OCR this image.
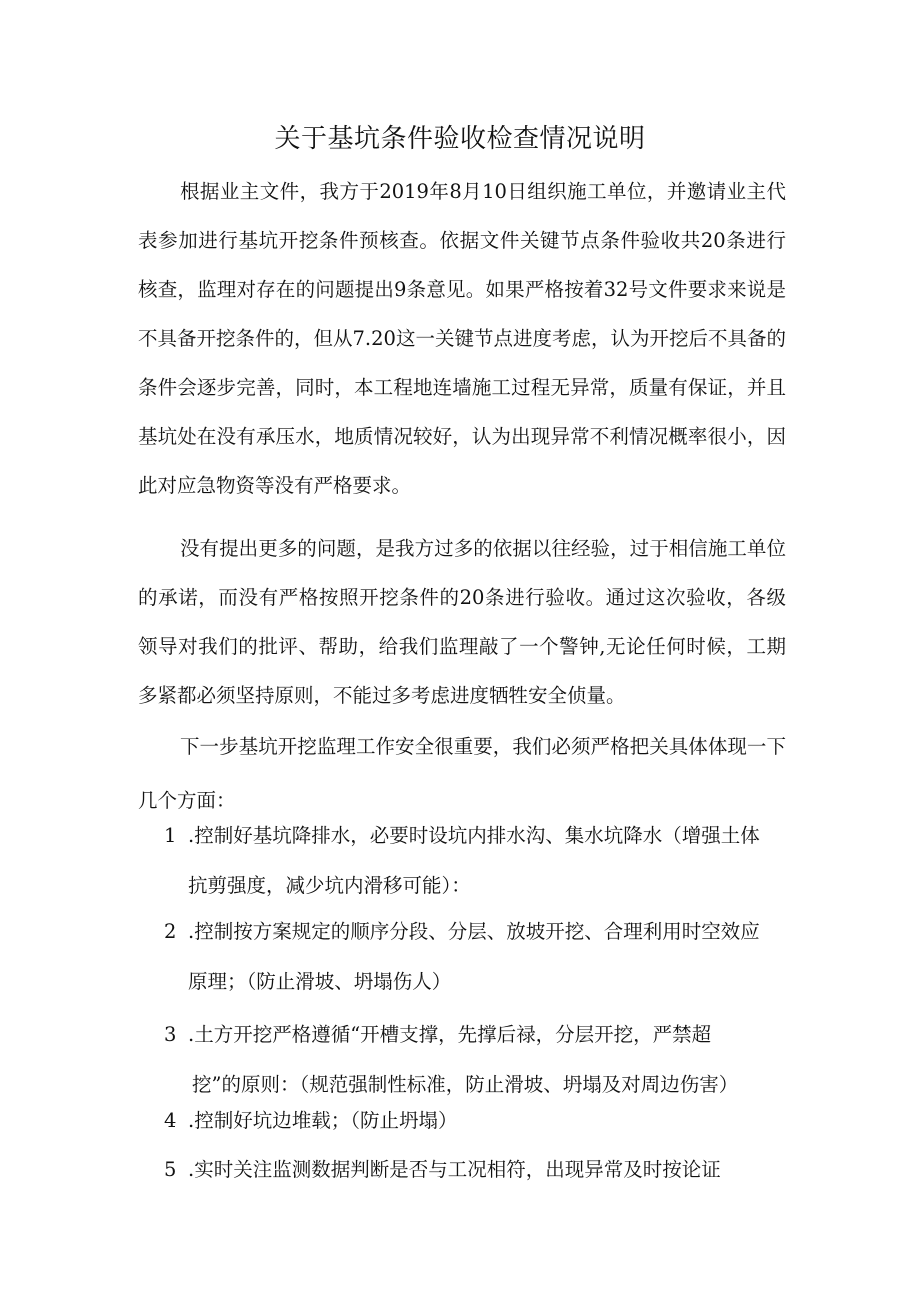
关于基坑条件验收检查情况说明

根据业主文件，我方于2019年8月10日组织施工单位，并邀请业主代表参加进行基坑开挖条件预核查。依据文件关键节点条件验收共20条进行核查，监理对存在的问题提出9条意见。如果严格按着32号文件要求来说是不具备开挖条件的，但从7.20这一关键节点进度考虑，认为开挖后不具备的条件会逐步完善，同时，本工程地连墙施工过程无异常，质量有保证，并且基坑处在没有承压水，地质情况较好，认为出现异常不利情况概率很小，因此对应急物资等没有严格要求。

没有提出更多的问题，是我方过多的依据以往经验，过于相信施工单位的承诺，而没有严格按照开挖条件的20条进行验收。通过这次验收，各级领导对我们的批评、帮助，给我们监理敲了一个警钟,无论任何时候，工期多紧都必须坚持原则，不能过多考虑进度牺牲安全侦量。

下一步基坑开挖监理工作安全很重要，我们必须严格把关具体体现一下几个方面：

1 .控制好基坑降排水，必要时设坑内排水沟、集水坑降水（增强土体
抗剪强度，减少坑内滑移可能）：
2 .控制按方案规定的顺序分段、分层、放坡开挖、合理利用时空效应
原理；（防止滑坡、坍塌伤人）
3 .土方开挖严格遵循“开槽支撑，先撑后禄，分层开挖，严禁超
挖”的原则：（规范强制性标准，防止滑坡、坍塌及对周边伤害）
4 .控制好坑边堆载；（防止坍塌）
5 .实时关注监测数据判断是否与工况相符，出现异常及时按论证
